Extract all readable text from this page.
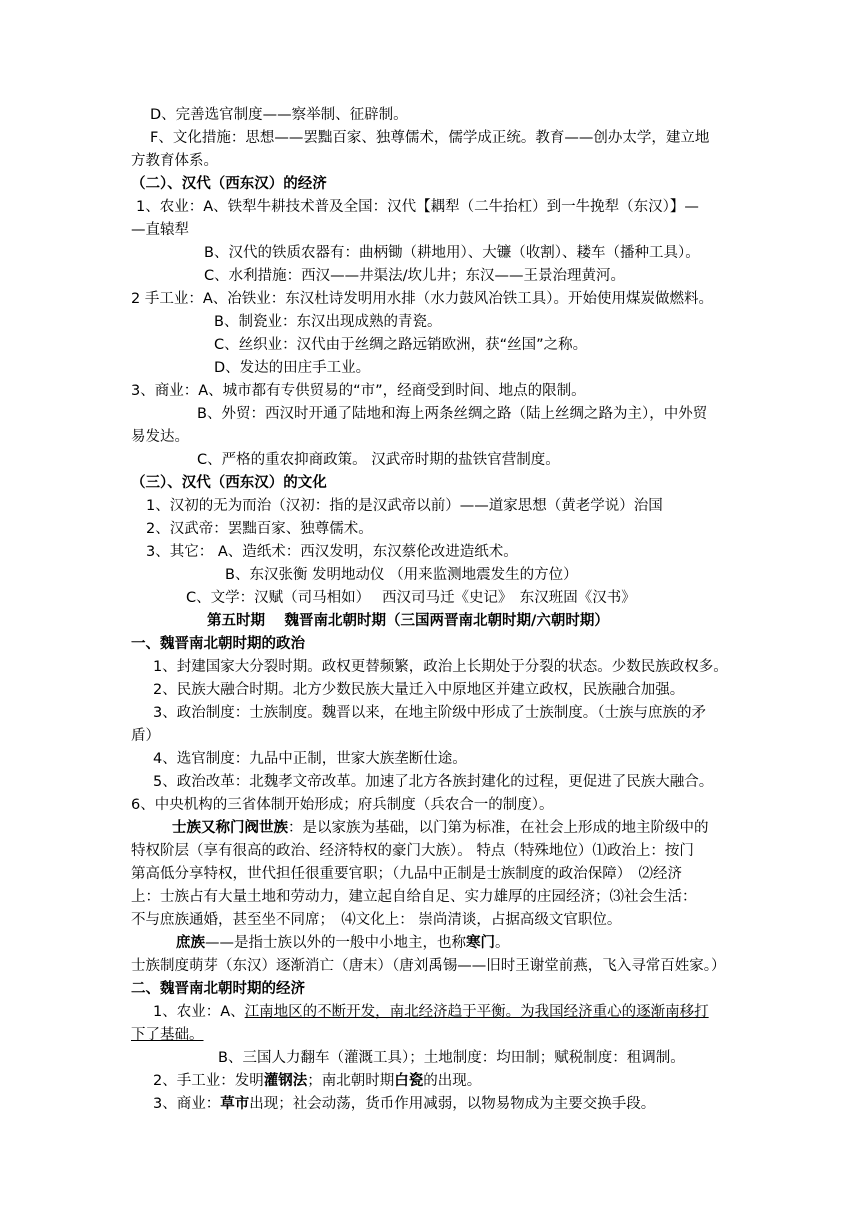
D、完善选官制度——察举制、征辟制。
F、文化措施：思想——罢黜百家、独尊儒术，儒学成正统。教育——创办太学，建立地
方教育体系。
（二）、汉代（西东汉）的经济
1、农业：A、铁犁牛耕技术普及全国：汉代【耦犁（二牛抬杠）到一牛挽犁（东汉）】—
—直辕犁
B、汉代的铁质农器有：曲柄锄（耕地用）、大镰（收割）、耧车（播种工具）。
C、水利措施：西汉——井渠法/坎儿井；东汉——王景治理黄河。
2 手工业：A、冶铁业：东汉杜诗发明用水排（水力鼓风冶铁工具）。开始使用煤炭做燃料。
B、制瓷业：东汉出现成熟的青瓷。
C、丝织业：汉代由于丝绸之路远销欧洲，获“丝国”之称。
D、发达的田庄手工业。
3、商业：A、城市都有专供贸易的“市”，经商受到时间、地点的限制。
B、外贸：西汉时开通了陆地和海上两条丝绸之路（陆上丝绸之路为主），中外贸
易发达。
C、严格的重农抑商政策。 汉武帝时期的盐铁官营制度。
（三）、汉代（西东汉）的文化
1、汉初的无为而治（汉初：指的是汉武帝以前）——道家思想（黄老学说）治国
2、汉武帝：罢黜百家、独尊儒术。
3、其它： A、造纸术：西汉发明，东汉蔡伦改进造纸术。
B、东汉张衡 发明地动仪 （用来监测地震发生的方位）
C、文学：汉赋（司马相如）　 西汉司马迁《史记》　东汉班固《汉书》
第五时期　 魏晋南北朝时期（三国两晋南北朝时期/六朝时期）
一、魏晋南北朝时期的政治
1、封建国家大分裂时期。政权更替频繁，政治上长期处于分裂的状态。少数民族政权多。
2、民族大融合时期。北方少数民族大量迁入中原地区并建立政权，民族融合加强。
3、政治制度：士族制度。魏晋以来，在地主阶级中形成了士族制度。（士族与庶族的矛
盾）
4、选官制度：九品中正制，世家大族垄断仕途。
5、政治改革：北魏孝文帝改革。加速了北方各族封建化的过程，更促进了民族大融合。
6、中央机构的三省体制开始形成；府兵制度（兵农合一的制度）。
士族又称门阀世族：是以家族为基础，以门第为标准，在社会上形成的地主阶级中的
特权阶层（享有很高的政治、经济特权的豪门大族）。 特点（特殊地位）⑴政治上：按门
第高低分享特权，世代担任很重要官职；（九品中正制是士族制度的政治保障）　⑵经济
上：士族占有大量土地和劳动力，建立起自给自足、实力雄厚的庄园经济；⑶社会生活：
不与庶族通婚，甚至坐不同席；　⑷文化上： 崇尚清谈，占据高级文官职位。
庶族——是指士族以外的一般中小地主，也称寒门。
士族制度萌芽（东汉）逐渐消亡（唐末）（唐刘禹锡——旧时王谢堂前燕，飞入寻常百姓家。）
二、魏晋南北朝时期的经济
1、农业：A、江南地区的不断开发，南北经济趋于平衡。为我国经济重心的逐渐南移打
下了基础。
B、三国人力翻车（灌溉工具）；土地制度：均田制；赋税制度：租调制。
2、手工业：发明灌钢法；南北朝时期白瓷的出现。
3、商业：草市出现；社会动荡，货币作用减弱，以物易物成为主要交换手段。
